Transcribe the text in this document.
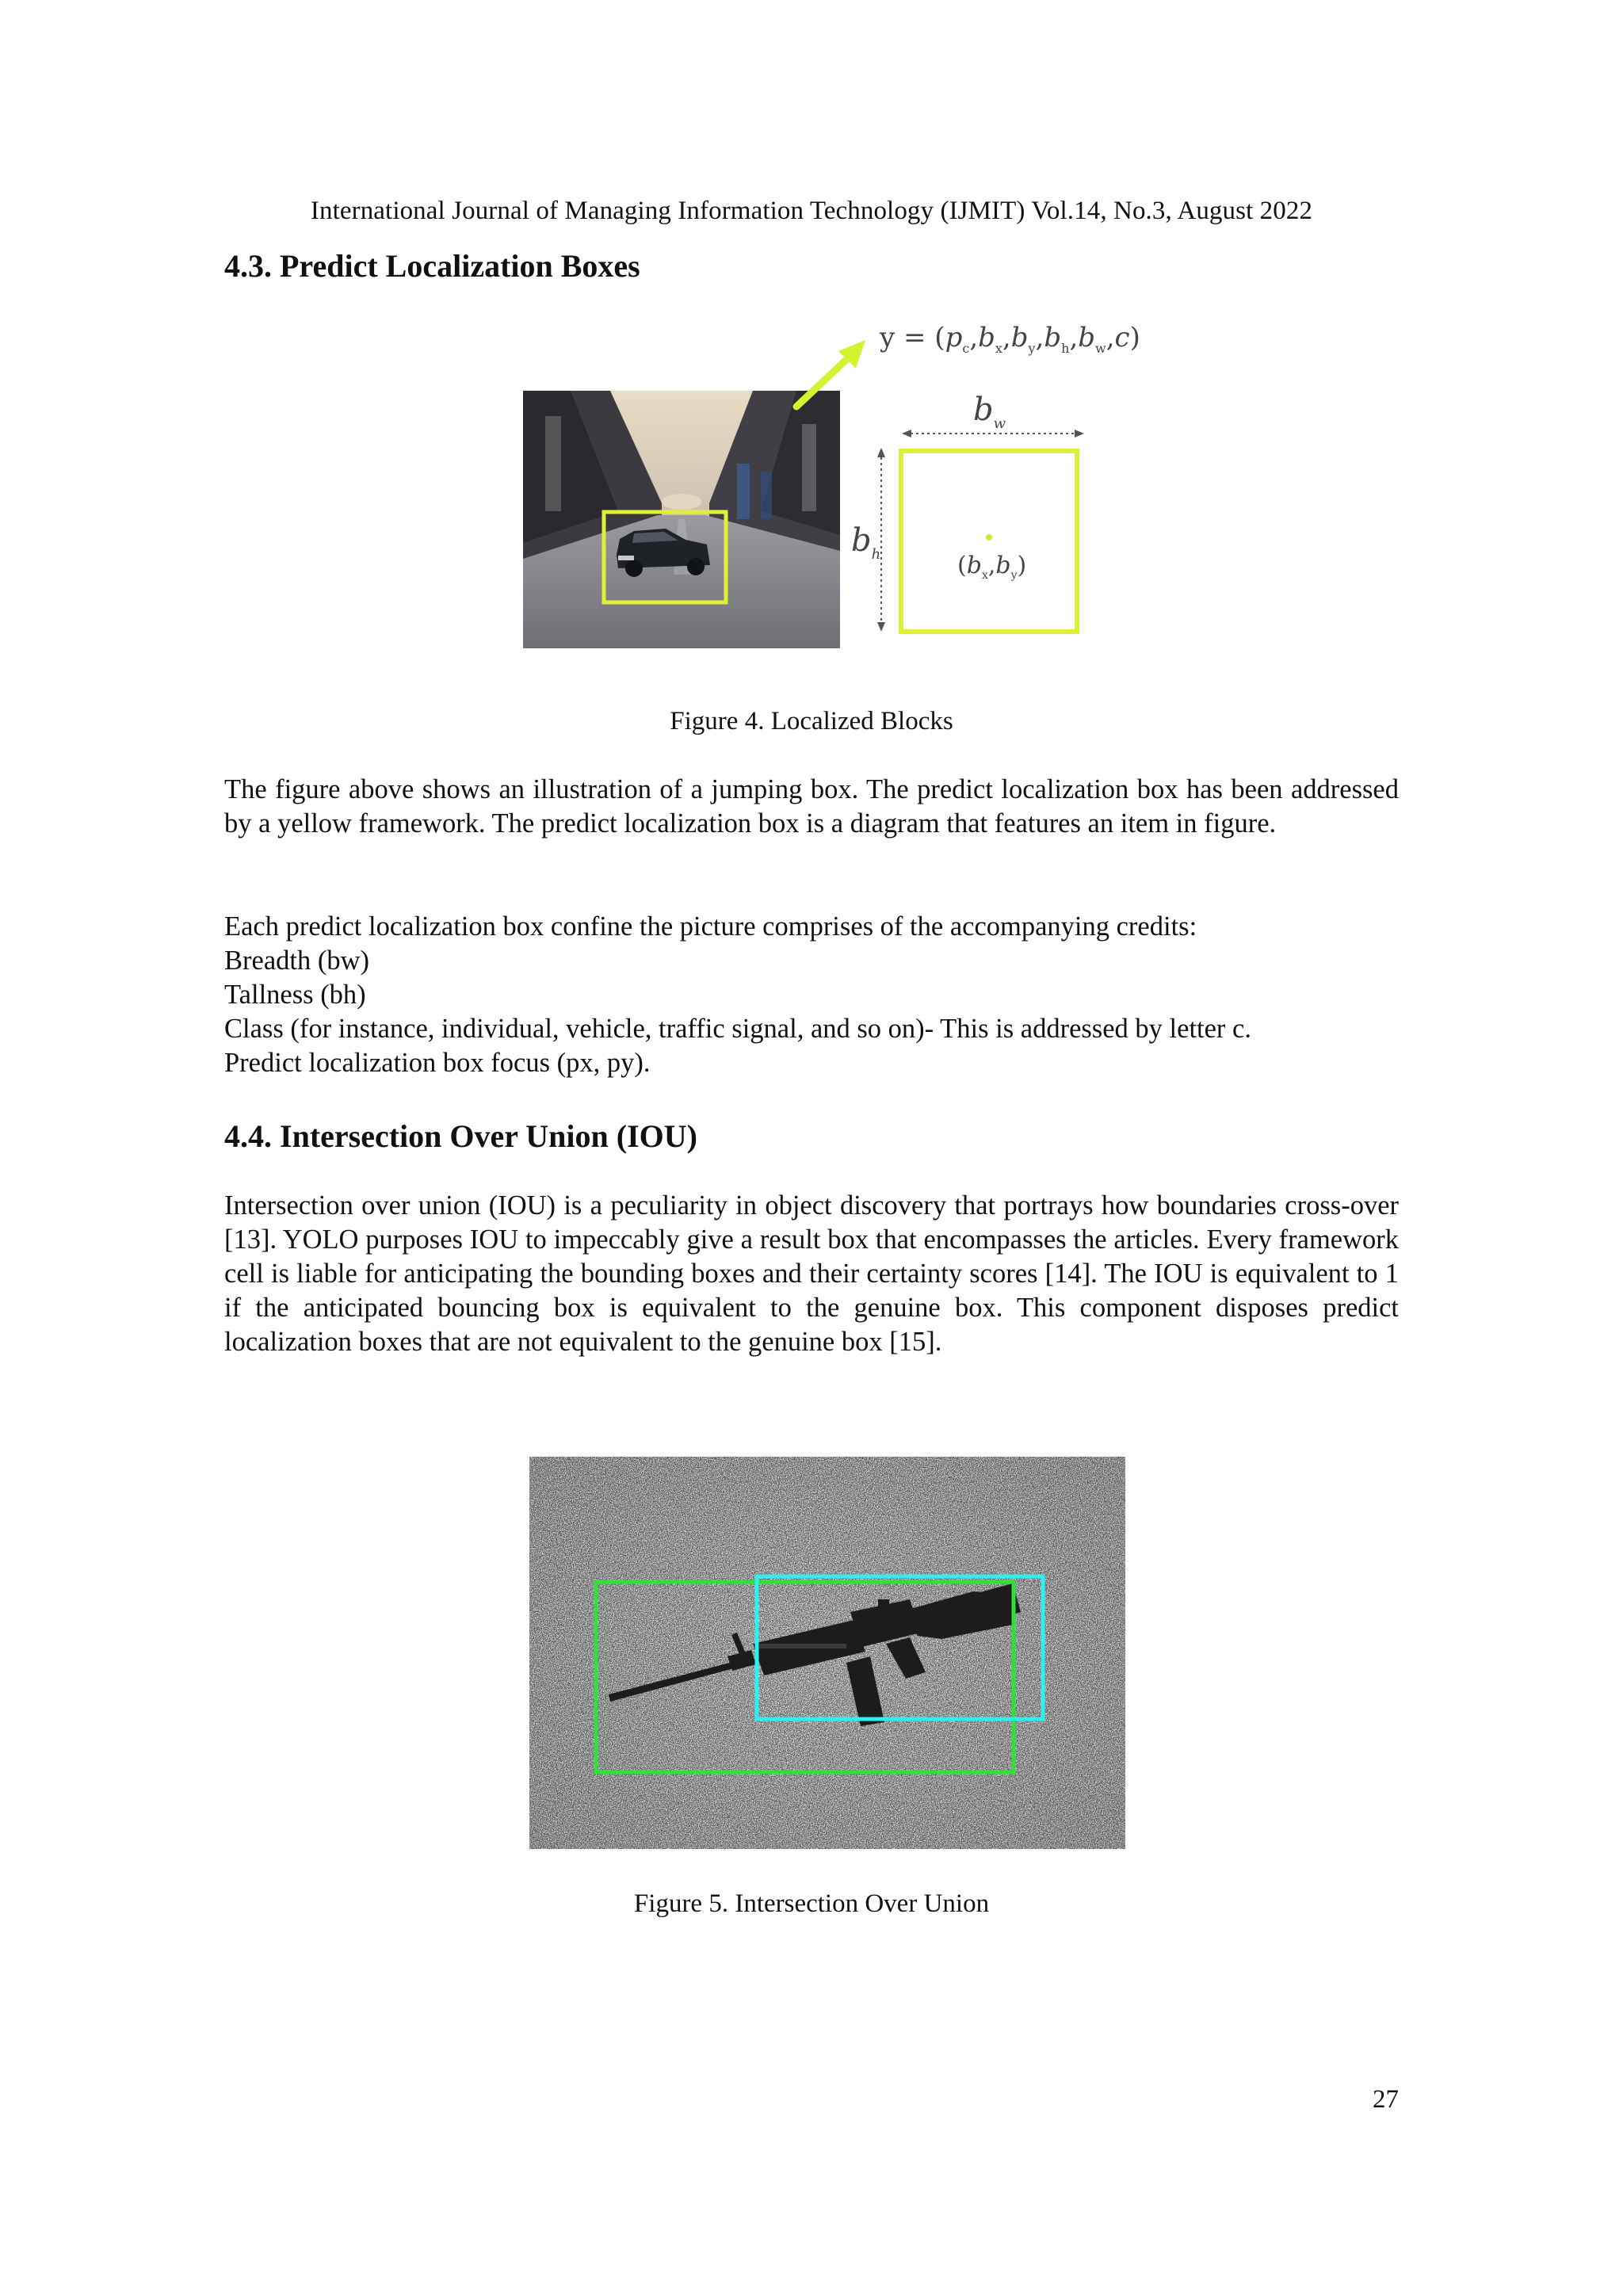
International Journal of Managing Information Technology (IJMIT) Vol.14, No.3, August 2022
4.3. Predict Localization Boxes
$y = (p_c,b_x,b_y,b_h,b_w,c)$
$b_w$
$b_h$	$(b_x,b_y)$
Figure 4. Localized Blocks

The figure above shows an illustration of a jumping box. The predict localization box has been addressed by a yellow framework. The predict localization box is a diagram that features an item in figure.

Each predict localization box confine the picture comprises of the accompanying credits:
Breadth (bw)
Tallness (bh)
Class (for instance, individual, vehicle, traffic signal, and so on)- This is addressed by letter c.
Predict localization box focus (px, py).
4.4. Intersection Over Union (IOU)

Intersection over union (IOU) is a peculiarity in object discovery that portrays how boundaries cross-over [13]. YOLO purposes IOU to impeccably give a result box that encompasses the articles. Every framework cell is liable for anticipating the bounding boxes and their certainty scores [14]. The IOU is equivalent to 1 if the anticipated bouncing box is equivalent to the genuine box. This component disposes predict localization boxes that are not equivalent to the genuine box [15].

Figure 5. Intersection Over Union
27
